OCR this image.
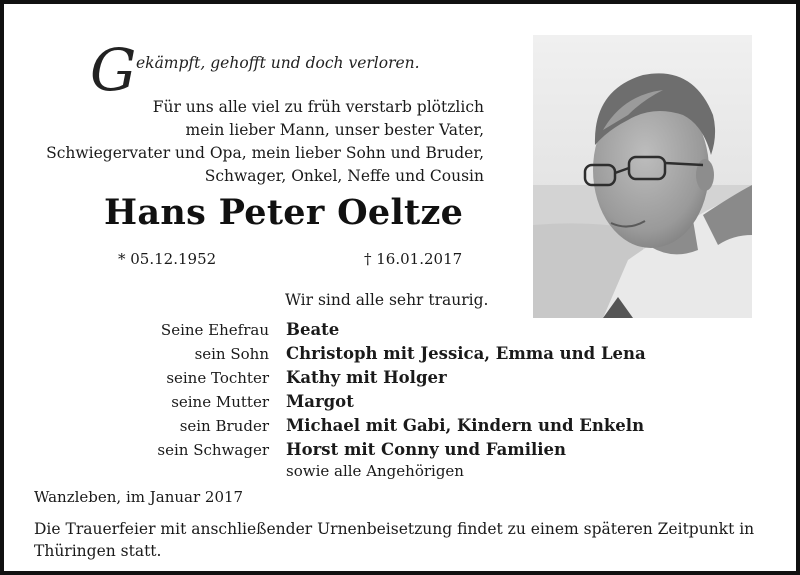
G ekämpft, gehofft und doch verloren.
Für uns alle viel zu früh verstarb plötzlich
mein lieber Mann, unser bester Vater,
Schwiegervater und Opa, mein lieber Sohn und Bruder,
Schwager, Onkel, Neffe und Cousin
Hans Peter Oeltze
* 05.12.1952	† 16.01.2017
Wir sind alle sehr traurig.
Seine Ehefrau Beate
sein Sohn Christoph mit Jessica, Emma und Lena
seine Tochter Kathy mit Holger
seine Mutter Margot
sein Bruder Michael mit Gabi, Kindern und Enkeln
sein Schwager Horst mit Conny und Familien
sowie alle Angehörigen
Wanzleben, im Januar 2017
Die Trauerfeier mit anschließender Urnenbeisetzung findet zu einem späteren Zeitpunkt in Thüringen statt.
